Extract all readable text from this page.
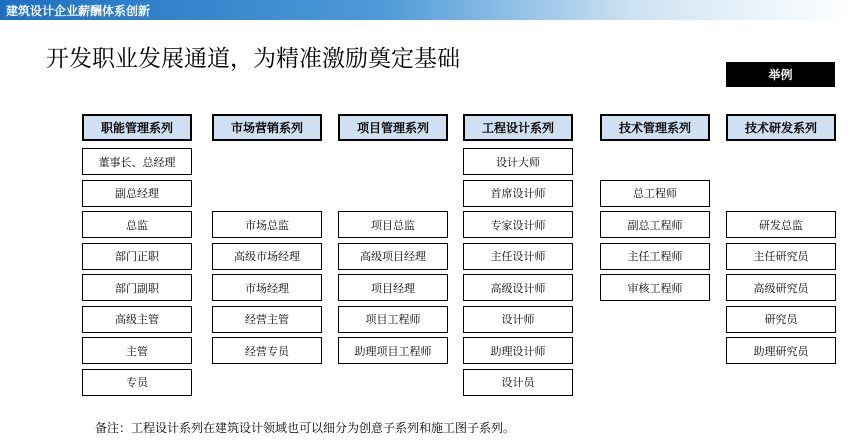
建筑设计企业薪酬体系创新
开发职业发展通道，为精准激励奠定基础
举例
职能管理系列
董事长、总经理
副总经理
总监
部门正职
部门副职
高级主管
主管
专员
市场营销系列
市场总监
高级市场经理
市场经理
经营主管
经营专员
项目管理系列
项目总监
高级项目经理
项目经理
项目工程师
助理项目工程师
工程设计系列
设计大师
首席设计师
专家设计师
主任设计师
高级设计师
设计师
助理设计师
设计员
技术管理系列
总工程师
副总工程师
主任工程师
审核工程师
技术研发系列
研发总监
主任研究员
高级研究员
研究员
助理研究员
备注：工程设计系列在建筑设计领域也可以细分为创意子系列和施工图子系列。
